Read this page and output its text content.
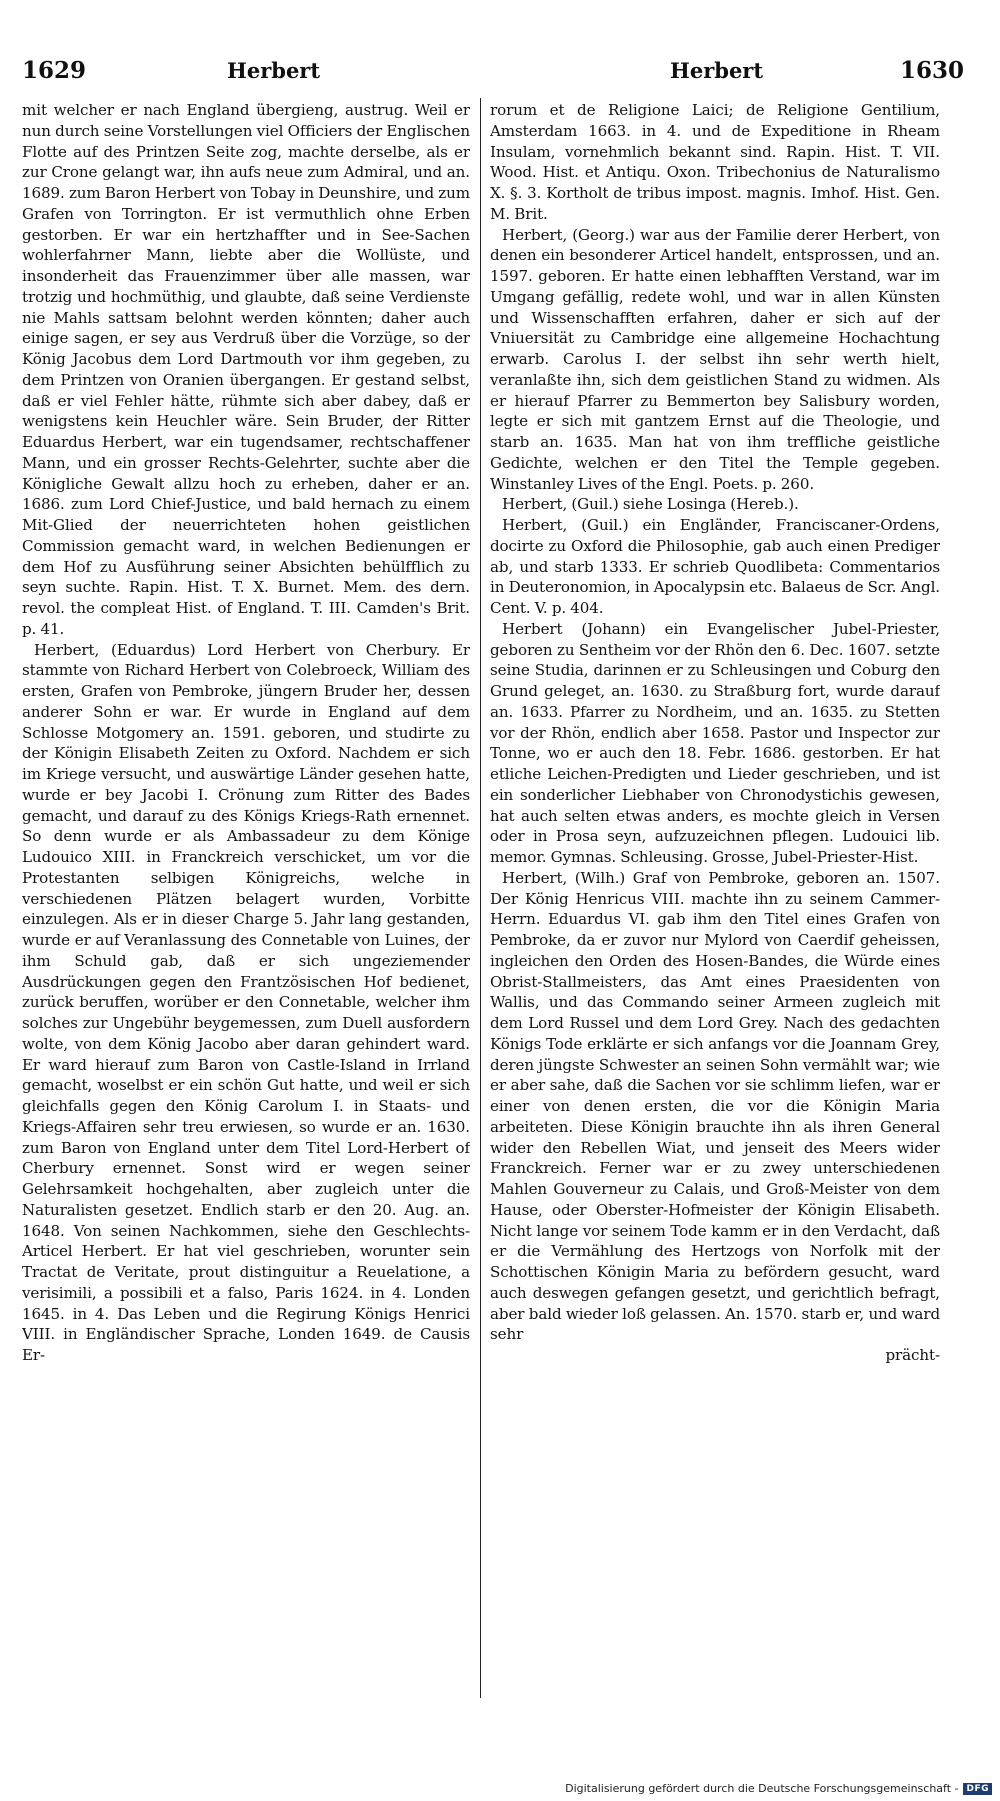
1629	Herbert	Herbert	1630

mit welcher er nach England übergieng, austrug. Weil er nun durch seine Vorstellungen viel Officiers der Englischen Flotte auf des Printzen Seite zog, machte derselbe, als er zur Crone gelangt war, ihn aufs neue zum Admiral, und an. 1689. zum Baron Herbert von Tobay in Deunshire, und zum Grafen von Torrington. Er ist vermuthlich ohne Erben gestorben. Er war ein hertzhaffter und in See-Sachen wohlerfahrner Mann, liebte aber die Wollüste, und insonderheit das Frauenzimmer über alle massen, war trotzig und hochmüthig, und glaubte, daß seine Verdienste nie Mahls sattsam belohnt werden könnten; daher auch einige sagen, er sey aus Verdruß über die Vorzüge, so der König Jacobus dem Lord Dartmouth vor ihm gegeben, zu dem Printzen von Oranien übergangen. Er gestand selbst, daß er viel Fehler hätte, rühmte sich aber dabey, daß er wenigstens kein Heuchler wäre. Sein Bruder, der Ritter Eduardus Herbert, war ein tugendsamer, rechtschaffener Mann, und ein grosser Rechts-Gelehrter, suchte aber die Königliche Gewalt allzu hoch zu erheben, daher er an. 1686. zum Lord Chief-Justice, und bald hernach zu einem Mit-Glied der neuerrichteten hohen geistlichen Commission gemacht ward, in welchen Bedienungen er dem Hof zu Ausführung seiner Absichten behülfflich zu seyn suchte. Rapin. Hist. T. X. Burnet. Mem. des dern. revol. the compleat Hist. of England. T. III. Camden's Brit. p. 41.

Herbert, (Eduardus) Lord Herbert von Cherbury. Er stammte von Richard Herbert von Colebroeck, William des ersten, Grafen von Pembroke, jüngern Bruder her, dessen anderer Sohn er war. Er wurde in England auf dem Schlosse Motgomery an. 1591. geboren, und studirte zu der Königin Elisabeth Zeiten zu Oxford. Nachdem er sich im Kriege versucht, und auswärtige Länder gesehen hatte, wurde er bey Jacobi I. Crönung zum Ritter des Bades gemacht, und darauf zu des Königs Kriegs-Rath ernennet. So denn wurde er als Ambassadeur zu dem Könige Ludouico XIII. in Franckreich verschicket, um vor die Protestanten selbigen Königreichs, welche in verschiedenen Plätzen belagert wurden, Vorbitte einzulegen. Als er in dieser Charge 5. Jahr lang gestanden, wurde er auf Veranlassung des Connetable von Luines, der ihm Schuld gab, daß er sich ungeziemender Ausdrückungen gegen den Frantzösischen Hof bedienet, zurück beruffen, worüber er den Connetable, welcher ihm solches zur Ungebühr beygemessen, zum Duell ausfordern wolte, von dem König Jacobo aber daran gehindert ward. Er ward hierauf zum Baron von Castle-Island in Irrland gemacht, woselbst er ein schön Gut hatte, und weil er sich gleichfalls gegen den König Carolum I. in Staats- und Kriegs-Affairen sehr treu erwiesen, so wurde er an. 1630. zum Baron von England unter dem Titel Lord-Herbert of Cherbury ernennet. Sonst wird er wegen seiner Gelehrsamkeit hochgehalten, aber zugleich unter die Naturalisten gesetzet. Endlich starb er den 20. Aug. an. 1648. Von seinen Nachkommen, siehe den Geschlechts-Articel Herbert. Er hat viel geschrieben, worunter sein Tractat de Veritate, prout distinguitur a Reuelatione, a verisimili, a possibili et a falso, Paris 1624. in 4. Londen 1645. in 4. Das Leben und die Regirung Königs Henrici VIII. in Engländischer Sprache, Londen 1649. de Causis Er-

rorum et de Religione Laici; de Religione Gentilium, Amsterdam 1663. in 4. und de Expeditione in Rheam Insulam, vornehmlich bekannt sind. Rapin. Hist. T. VII. Wood. Hist. et Antiqu. Oxon. Tribechonius de Naturalismo X. §. 3. Kortholt de tribus impost. magnis. Imhof. Hist. Gen. M. Brit.

Herbert, (Georg.) war aus der Familie derer Herbert, von denen ein besonderer Articel handelt, entsprossen, und an. 1597. geboren. Er hatte einen lebhafften Verstand, war im Umgang gefällig, redete wohl, und war in allen Künsten und Wissenschafften erfahren, daher er sich auf der Vniuersität zu Cambridge eine allgemeine Hochachtung erwarb. Carolus I. der selbst ihn sehr werth hielt, veranlaßte ihn, sich dem geistlichen Stand zu widmen. Als er hierauf Pfarrer zu Bemmerton bey Salisbury worden, legte er sich mit gantzem Ernst auf die Theologie, und starb an. 1635. Man hat von ihm treffliche geistliche Gedichte, welchen er den Titel the Temple gegeben. Winstanley Lives of the Engl. Poets. p. 260.

Herbert, (Guil.) siehe Losinga (Hereb.).

Herbert, (Guil.) ein Engländer, Franciscaner-Ordens, docirte zu Oxford die Philosophie, gab auch einen Prediger ab, und starb 1333. Er schrieb Quodlibeta: Commentarios in Deuteronomion, in Apocalypsin etc. Balaeus de Scr. Angl. Cent. V. p. 404.

Herbert (Johann) ein Evangelischer Jubel-Priester, geboren zu Sentheim vor der Rhön den 6. Dec. 1607. setzte seine Studia, darinnen er zu Schleusingen und Coburg den Grund geleget, an. 1630. zu Straßburg fort, wurde darauf an. 1633. Pfarrer zu Nordheim, und an. 1635. zu Stetten vor der Rhön, endlich aber 1658. Pastor und Inspector zur Tonne, wo er auch den 18. Febr. 1686. gestorben. Er hat etliche Leichen-Predigten und Lieder geschrieben, und ist ein sonderlicher Liebhaber von Chronodystichis gewesen, hat auch selten etwas anders, es mochte gleich in Versen oder in Prosa seyn, aufzuzeichnen pflegen. Ludouici lib. memor. Gymnas. Schleusing. Grosse, Jubel-Priester-Hist.

Herbert, (Wilh.) Graf von Pembroke, geboren an. 1507. Der König Henricus VIII. machte ihn zu seinem Cammer-Herrn. Eduardus VI. gab ihm den Titel eines Grafen von Pembroke, da er zuvor nur Mylord von Caerdif geheissen, ingleichen den Orden des Hosen-Bandes, die Würde eines Obrist-Stallmeisters, das Amt eines Praesidenten von Wallis, und das Commando seiner Armeen zugleich mit dem Lord Russel und dem Lord Grey. Nach des gedachten Königs Tode erklärte er sich anfangs vor die Joannam Grey, deren jüngste Schwester an seinen Sohn vermählt war; wie er aber sahe, daß die Sachen vor sie schlimm liefen, war er einer von denen ersten, die vor die Königin Maria arbeiteten. Diese Königin brauchte ihn als ihren General wider den Rebellen Wiat, und jenseit des Meers wider Franckreich. Ferner war er zu zwey unterschiedenen Mahlen Gouverneur zu Calais, und Groß-Meister von dem Hause, oder Oberster-Hofmeister der Königin Elisabeth. Nicht lange vor seinem Tode kamm er in den Verdacht, daß er die Vermählung des Hertzogs von Norfolk mit der Schottischen Königin Maria zu befördern gesucht, ward auch deswegen gefangen gesetzt, und gerichtlich befragt, aber bald wieder loß gelassen. An. 1570. starb er, und ward sehr

prächt-

Digitalisierung gefördert durch die Deutsche Forschungsgemeinschaft - DFG
